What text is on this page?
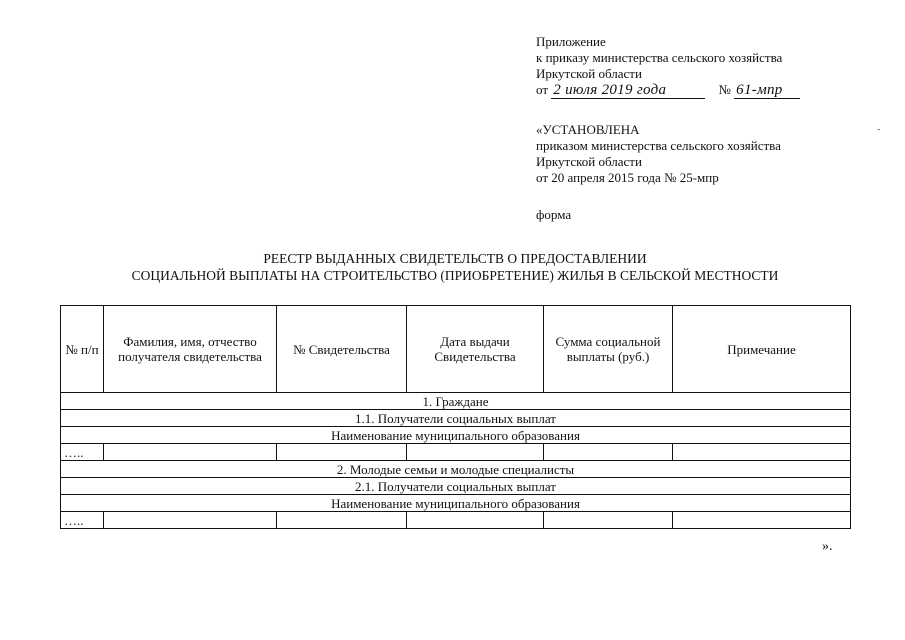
Приложение
к приказу министерства сельского хозяйства
Иркутской области
от 2 июля 2019 года	№ 61-мпр
«УСТАНОВЛЕНА
приказом министерства сельского хозяйства
Иркутской области
от 20 апреля 2015 года № 25-мпр
форма
-
РЕЕСТР ВЫДАННЫХ СВИДЕТЕЛЬСТВ О ПРЕДОСТАВЛЕНИИ
СОЦИАЛЬНОЙ ВЫПЛАТЫ НА СТРОИТЕЛЬСТВО (ПРИОБРЕТЕНИЕ) ЖИЛЬЯ В СЕЛЬСКОЙ МЕСТНОСТИ
№ п/п	Фамилия, имя, отчество получателя свидетельства	№ Свидетельства	Дата выдачи Свидетельства	Сумма социальной выплаты (руб.)	Примечание
1. Граждане					
1.1. Получатели социальных выплат					
Наименование муниципального образования					
…..					
2. Молодые семьи и молодые специалисты					
2.1. Получатели социальных выплат					
Наименование муниципального образования					
…..					
».
